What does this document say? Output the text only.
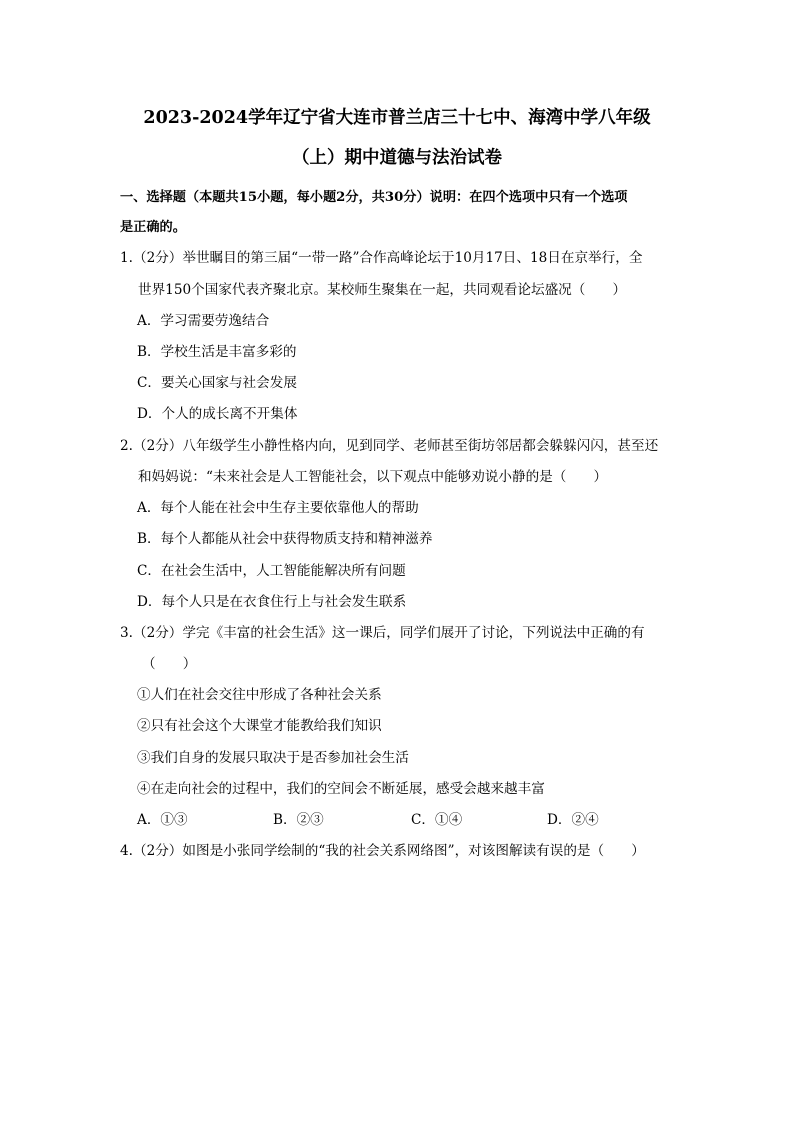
2023-2024学年辽宁省大连市普兰店三十七中、海湾中学八年级
（上）期中道德与法治试卷
一、选择题（本题共15小题，每小题2分，共30分）说明：在四个选项中只有一个选项
是正确的。
1.（2分）举世瞩目的第三届“一带一路”合作高峰论坛于10月17日、18日在京举行，全
世界150个国家代表齐聚北京。某校师生聚集在一起，共同观看论坛盛况（　　）
A．学习需要劳逸结合
B．学校生活是丰富多彩的
C．要关心国家与社会发展
D．个人的成长离不开集体
2.（2分）八年级学生小静性格内向，见到同学、老师甚至街坊邻居都会躲躲闪闪，甚至还
和妈妈说：“未来社会是人工智能社会，以下观点中能够劝说小静的是（　　）
A．每个人能在社会中生存主要依靠他人的帮助
B．每个人都能从社会中获得物质支持和精神滋养
C．在社会生活中，人工智能能解决所有问题
D．每个人只是在衣食住行上与社会发生联系
3.（2分）学完《丰富的社会生活》这一课后，同学们展开了讨论，下列说法中正确的有
（　　）
①人们在社会交往中形成了各种社会关系
②只有社会这个大课堂才能教给我们知识
③我们自身的发展只取决于是否参加社会生活
④在走向社会的过程中，我们的空间会不断延展，感受会越来越丰富
A．①③	B．②③	C．①④	D．②④
4.（2分）如图是小张同学绘制的“我的社会关系网络图”，对该图解读有误的是（　　）
